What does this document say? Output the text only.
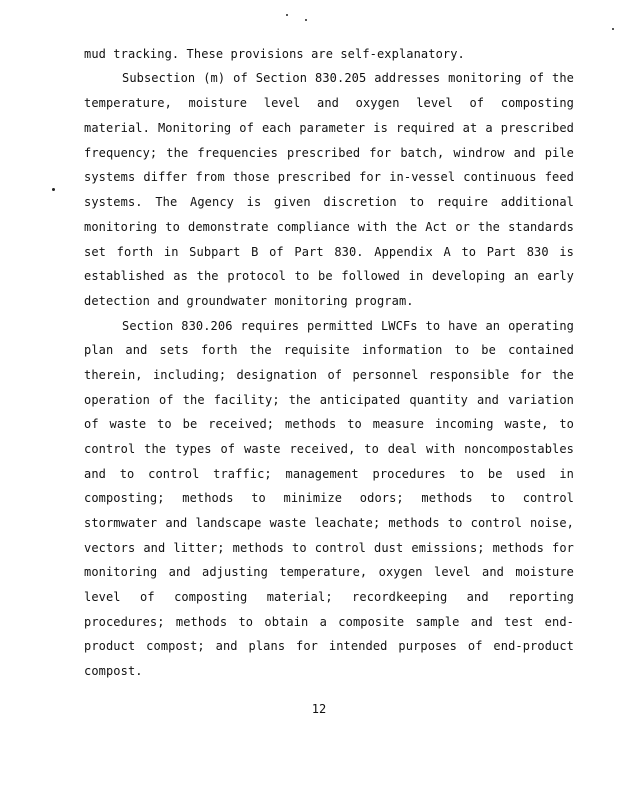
mud tracking. These provisions are self-explanatory.
Subsection (m) of Section 830.205 addresses monitoring of the
temperature, moisture level and oxygen level of composting
material. Monitoring of each parameter is required at a prescribed
frequency; the frequencies prescribed for batch, windrow and pile
systems differ from those prescribed for in-vessel continuous feed
systems. The Agency is given discretion to require additional
monitoring to demonstrate compliance with the Act or the standards
set forth in Subpart B of Part 830. Appendix A to Part 830 is
established as the protocol to be followed in developing an early
detection and groundwater monitoring program.
Section 830.206 requires permitted LWCFs to have an operating
plan and sets forth the requisite information to be contained
therein, including; designation of personnel responsible for the
operation of the facility; the anticipated quantity and variation
of waste to be received; methods to measure incoming waste, to
control the types of waste received, to deal with noncompostables
and to control traffic; management procedures to be used in
composting; methods to minimize odors; methods to control
stormwater and landscape waste leachate; methods to control noise,
vectors and litter; methods to control dust emissions; methods for
monitoring and adjusting temperature, oxygen level and moisture
level of composting material; recordkeeping and reporting
procedures; methods to obtain a composite sample and test end-
product compost; and plans for intended purposes of end-product
compost.
12
